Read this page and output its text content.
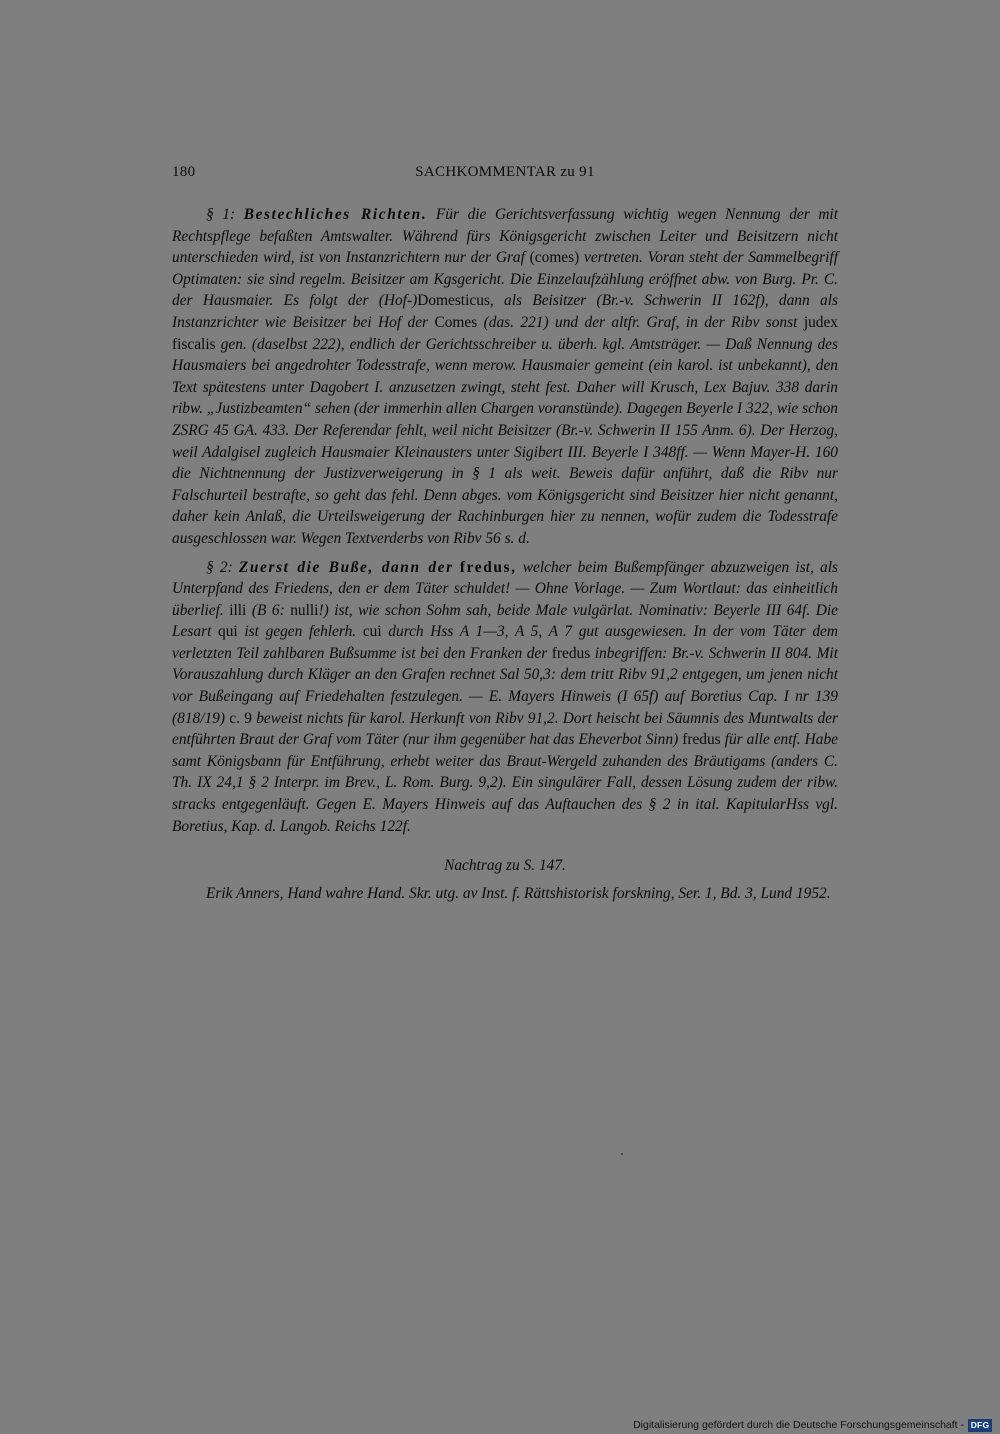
180	SACHKOMMENTAR zu 91

§ 1: Bestechliches Richten. Für die Gerichtsverfassung wichtig wegen Nennung der mit Rechtspflege befaßten Amtswalter. Während fürs Königsgericht zwischen Leiter und Beisitzern nicht unterschieden wird, ist von Instanzrichtern nur der Graf (comes) vertreten. Voran steht der Sammelbegriff Optimaten: sie sind regelm. Beisitzer am Kgsgericht. Die Einzelaufzählung eröffnet abw. von Burg. Pr. C. der Hausmaier. Es folgt der (Hof-)Domesticus, als Beisitzer (Br.-v. Schwerin II 162f), dann als Instanzrichter wie Beisitzer bei Hof der Comes (das. 221) und der altfr. Graf, in der Ribv sonst judex fiscalis gen. (daselbst 222), endlich der Gerichtsschreiber u. überh. kgl. Amtsträger. — Daß Nennung des Hausmaiers bei angedrohter Todesstrafe, wenn merow. Hausmaier gemeint (ein karol. ist unbekannt), den Text spätestens unter Dagobert I. anzusetzen zwingt, steht fest. Daher will Krusch, Lex Bajuv. 338 darin ribw. „Justizbeamten“ sehen (der immerhin allen Chargen voranstünde). Dagegen Beyerle I 322, wie schon ZSRG 45 GA. 433. Der Referendar fehlt, weil nicht Beisitzer (Br.-v. Schwerin II 155 Anm. 6). Der Herzog, weil Adalgisel zugleich Hausmaier Kleinausters unter Sigibert III. Beyerle I 348ff. — Wenn Mayer-H. 160 die Nichtnennung der Justizverweigerung in § 1 als weit. Beweis dafür anführt, daß die Ribv nur Falschurteil bestrafte, so geht das fehl. Denn abges. vom Königsgericht sind Beisitzer hier nicht genannt, daher kein Anlaß, die Urteilsweigerung der Rachinburgen hier zu nennen, wofür zudem die Todesstrafe ausgeschlossen war. Wegen Textverderbs von Ribv 56 s. d.

§ 2: Zuerst die Buße, dann der fredus, welcher beim Bußempfänger abzuzweigen ist, als Unterpfand des Friedens, den er dem Täter schuldet! — Ohne Vorlage. — Zum Wortlaut: das einheitlich überlief. illi (B 6: nulli!) ist, wie schon Sohm sah, beide Male vulgärlat. Nominativ: Beyerle III 64f. Die Lesart qui ist gegen fehlerh. cui durch Hss A 1—3, A 5, A 7 gut ausgewiesen. In der vom Täter dem verletzten Teil zahlbaren Bußsumme ist bei den Franken der fredus inbegriffen: Br.-v. Schwerin II 804. Mit Vorauszahlung durch Kläger an den Grafen rechnet Sal 50,3: dem tritt Ribv 91,2 entgegen, um jenen nicht vor Bußeingang auf Friedehalten festzulegen. — E. Mayers Hinweis (I 65f) auf Boretius Cap. I nr 139 (818/19) c. 9 beweist nichts für karol. Herkunft von Ribv 91,2. Dort heischt bei Säumnis des Muntwalts der entführten Braut der Graf vom Täter (nur ihm gegenüber hat das Eheverbot Sinn) fredus für alle entf. Habe samt Königsbann für Entführung, erhebt weiter das Braut-Wergeld zuhanden des Bräutigams (anders C. Th. IX 24,1 § 2 Interpr. im Brev., L. Rom. Burg. 9,2). Ein singulärer Fall, dessen Lösung zudem der ribw. stracks entgegenläuft. Gegen E. Mayers Hinweis auf das Auftauchen des § 2 in ital. KapitularHss vgl. Boretius, Kap. d. Langob. Reichs 122f.

Nachtrag zu S. 147.

Erik Anners, Hand wahre Hand. Skr. utg. av Inst. f. Rättshistorisk forskning, Ser. 1, Bd. 3, Lund 1952.

Digitalisierung gefördert durch die Deutsche Forschungsgemeinschaft - DFG
